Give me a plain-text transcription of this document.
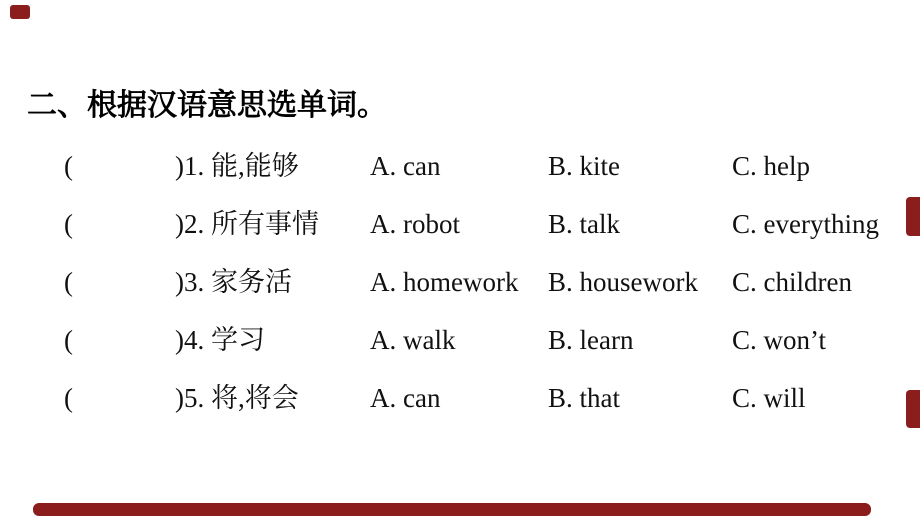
二、根据汉语意思选单词。
(	)1. 能,能够	A. can	B. kite	C. help
(	)2. 所有事情 A. robot	B. talk	C. everything
(	)3. 家务活	A. homework B. housework C. children
(	)4. 学习	A. walk	B. learn	C. won’t
(	)5. 将,将会	A. can	B. that	C. will
